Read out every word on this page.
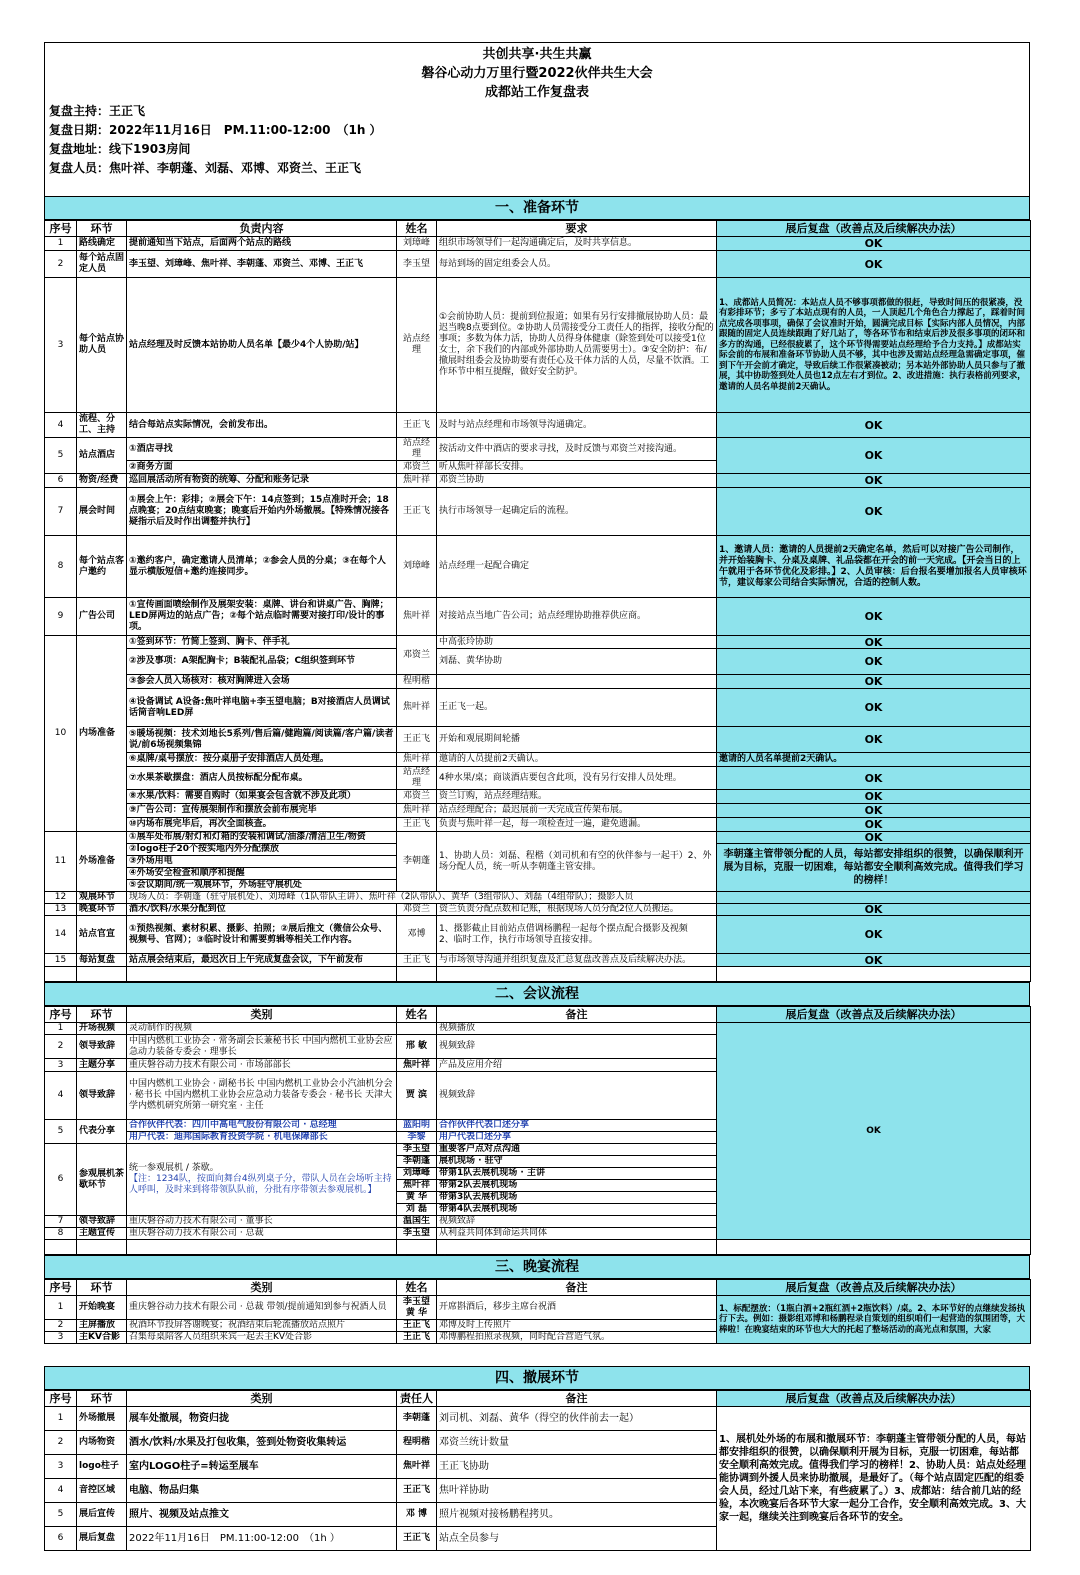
共创共享·共生共赢
磐谷心动力万里行暨2022伙伴共生大会
成都站工作复盘表
复盘主持：王正飞
复盘日期：2022年11月16日　PM.11:00-12:00　（1h ）
复盘地址：线下1903房间
复盘人员：焦叶祥、李朝蓬、刘磊、邓博、邓资兰、王正飞
一、准备环节
序号	环节	负责内容	姓名	要求	展后复盘（改善点及后续解决办法）
1	路线确定	提前通知当下站点，后面两个站点的路线	刘璋峰	组织市场领导们一起沟通确定后，及时共享信息。	OK
2	每个站点固定人员	李玉望、刘璋峰、焦叶祥、李朝蓬、邓资兰、邓博、王正飞	李玉望	每站到场的固定组委会人员。	OK
3	每个站点协助人员	站点经理及时反馈本站协助人员名单【最少4个人协助/站】	站点经理	①会前协助人员：提前到位报道；如果有另行安排撤展协助人员：最迟当晚8点要到位。②协助人员需接受分工责任人的指挥，接收分配的事项；多数为体力活，协助人员得身体健康（除签到处可以接受1位女士，余下我们的内部或外部协助人员需要男士）。③安全防护：布/撤展时组委会及协助要有责任心及干体力活的人员，尽量不饮酒。工作环节中相互提醒，做好安全防护。	1、成都站人员简况：本站点人员不够事项都做的很赶，导致时间压的很紧凑，没有彩排环节；多亏了本站点现有的人员，一人顶起几个角色合力撑起了，踩着时间点完成各项事项，确保了会议准时开始，圆满完成目标【实际内部人员情况，内部跟随的固定人员连续跟跑了好几站了，等各环节布和结束后涉及很多事项的闭环和多方的沟通，已经很疲累了，这个环节得需要站点经理给予合力支持。】成都站实际会前的布展和准备环节协助人员不够，其中也涉及需站点经理急需确定事项，催到下午开会前才确定，导致后续工作很紧凑被动；另本站外部协助人员只参与了撤展，其中协助签到处人员也12点左右才到位。2、改进措施：执行表格前列要求，邀请的人员名单提前2天确认。
4	流程、分工、主持	结合每站点实际情况，会前发布出。	王正飞	及时与站点经理和市场领导沟通确定。	OK
5	站点酒店	①酒店寻找	站点经理	按活动文件中酒店的要求寻找，及时反馈与邓资兰对接沟通。	OK
		②商务方面	邓资兰	听从焦叶祥部长安排。	
6	物资/经费	巡回展活动所有物资的统筹、分配和账务记录	焦叶祥	邓资兰协助	OK
7	展会时间	①展会上午：彩排；②展会下午：14点签到；15点准时开会；18点晚宴；20点结束晚宴；晚宴后开始内外场撤展。【特殊情况接各疑指示后及时作出调整并执行】	王正飞	执行市场领导一起确定后的流程。	OK
8	每个站点客户邀约	①邀约客户，确定邀请人员清单；②参会人员的分桌；③在每个人显示横版短信+邀约连接同步。	刘璋峰	站点经理一起配合确定	1、邀请人员：邀请的人员提前2天确定名单，然后可以对接广告公司制作，并开始装胸卡、分桌及桌牌、礼品袋都在开会的前一天完成。【开会当日的上午就用于各环节优化及彩排。】2、人员审核：后台报名要增加报名人员审核环节，建议每家公司结合实际情况，合适的控制人数。
9	广告公司	①宣传画面喷绘制作及展架安装：桌牌、讲台和讲桌广告、胸牌；LED屏两边的站点广告；②每个站点临时需要对接打印/设计的事项。	焦叶祥	对接站点当地广告公司；站点经理协助推荐供应商。	OK
10	内场准备	①签到环节：竹简上签到、胸卡、伴手礼	邓资兰	中高张玲协助	OK
		②涉及事项：A架配胸卡；B装配礼品袋；C组织签到环节		刘磊、黄华协助	OK
		③参会人员入场核对：核对胸牌进入会场	程明楷		OK
		④设备调试 A设备:焦叶祥电脑+李玉望电脑；B对接酒店人员调试话筒音响LED屏	焦叶祥	王正飞一起。	OK
		⑤暖场视频：技术刘地长5系列/售后篇/健跑篇/阅读篇/客户篇/读者说/前6场视频集锦	王正飞	开始和观展期间轮播	OK
		⑥桌牌/桌号摆放：按分桌册子安排酒店人员处理。	焦叶祥	邀请的人员提前2天确认。	邀请的人员名单提前2天确认。
		⑦水果茶歇摆盘：酒店人员按标配分配布桌。	站点经理	4种水果/桌；商谈酒店要包含此项，没有另行安排人员处理。	OK
		⑧水果/饮料：需要自购时（如果宴会包含就不涉及此项）	邓资兰	资兰订购，站点经理结账。	OK
		⑨广告公司：宣传展架制作和摆放会前布展完毕	焦叶祥	站点经理配合；最迟展前一天完成宣传架布展。	OK
		⑩内场布展完毕后，再次全面核查。	王正飞	负责与焦叶祥一起，每一项检查过一遍，避免遗漏。	OK
11	外场准备	①展车处布展/射灯和灯箱的安装和调试/油漆/清洁卫生/物资	李朝蓬	1、协助人员：刘磊、程楷（刘司机和有空的伙伴参与一起干）2、外场分配人员，统一听从李朝蓬主管安排。	OK
		②logo柱子20个按实地内外分配摆放			李朝蓬主管带领分配的人员，每站都安排组织的很赞，以确保顺利开展为目标，克服一切困难，每站都安全顺利高效完成。值得我们学习的榜样！
		③外场用电			
		④外场安全检查和顺序和提醒			
		⑤会议期间/统一观展环节，外场驻守展机处			
12	观展环节	现场人员：李朝蓬（驻守展机处）、刘璋峰（1队带队主讲）、焦叶祥（2队带队）、黄华（3组带队）、刘磊（4组带队）；摄影人员			
13	晚宴环节	酒水/饮料/水果分配到位	邓资兰	资兰负责分配点数和记账，根据现场人员分配2位人员搬运。	OK
14	站点官宣	①预热视频、素材积累、摄影、拍照；②展后推文（微信公众号、视频号、官网）；③临时设计和需要剪辑等相关工作内容。	邓博	1、摄影截止目前站点借调杨鹏程一起每个摆点配合摄影及视频　　　2、临时工作，执行市场领导直接安排。	OK
15	每站复盘	站点展会结束后，最迟次日上午完成复盘会议，下午前发布	王正飞	与市场领导沟通并组织复盘及汇总复盘改善点及后续解决办法。	OK

二、会议流程
序号	环节	类别	姓名	备注	展后复盘（改善点及后续解决办法）
1	开场视频	灵动制作的视频		视频播放	OK
2	领导致辞	中国内燃机工业协会 · 常务副会长兼秘书长 中国内燃机工业协会应急动力装备专委会 · 理事长	邢 敏	视频致辞	
3	主题分享	重庆磐谷动力技术有限公司 · 市场部部长	焦叶祥	产品及应用介绍	
4	领导致辞	中国内燃机工业协会 · 副秘书长 中国内燃机工业协会小汽油机分会 · 秘书长 中国内燃机工业协会应急动力装备专委会 · 秘书长 天津大学内燃机研究所第一研究室 · 主任	贾 滨	视频致辞	
5	代表分享	合作伙伴代表：四川中高电气股份有限公司 · 总经理	蓝阳明	合作伙伴代表口述分享	
		用户代表：迪邦国际教育投资学院 · 机电保障部长	李黎	用户代表口述分享	
6	参观展机茶歇环节	统一参观展机 / 茶歇。
【注：1234队，按面向舞台4纵列桌子分，带队人员在会场听主持人呼叫，及时来到将带领队队前，分批有序带领去参观展机。】	李玉望	重要客户点对点沟通	
			李朝蓬	展机现场 · 驻守	
			刘璋峰	带第1队去展机现场 · 主讲	
			焦叶祥	带第2队去展机现场	
			黄 华	带第3队去展机现场	
			刘 磊	带第4队去展机现场	
7	领导致辞	重庆磐谷动力技术有限公司 · 董事长	温国生	视频致辞	
8	主题宣传	重庆磐谷动力技术有限公司 · 总裁	李玉望	从利益共同体到命运共同体	

三、晚宴流程
序号	环节	类别	姓名	备注	展后复盘（改善点及后续解决办法）
1	开始晚宴	重庆磐谷动力技术有限公司 · 总裁 带领/提前通知到参与祝酒人员	李玉望 黄 华	开席斟酒后，移步主席台祝酒	1、标配摆放：（1瓶白酒+2瓶红酒+2瓶饮料）/桌。2、本环节好的点继续发扬执行下去。例如：摄影组邓博和杨鹏程录自策划的组织咱们一起营造的氛围团等，大棒啦！在晚宴结束的环节也大大的托起了整场活动的高光点和氛围，大家
2	主屏播放	祝酒环节投屏答谢晚宴；祝酒结束后轮流播放站点照片	王正飞	邓博及时上传照片	
3	主KV合影	召集每桌陪客人员组织来宾一起去主KV处合影	王正飞	邓博鹏程拍照录视频，同时配合营造气氛。	
四、撤展环节
序号	环节	类别	责任人	备注	展后复盘（改善点及后续解决办法）
1	外场撤展	展车处撤展，物资归拢	李朝蓬	刘司机、刘磊、黄华（得空的伙伴前去一起）	1、展机处外场的布展和撤展环节：李朝蓬主管带领分配的人员，每站都安排组织的很赞，以确保顺利开展为目标，克服一切困难，每站都安全顺利高效完成。值得我们学习的榜样！2、协助人员：站点处经理能协调到外援人员来协助撤展，是最好了。（每个站点固定匹配的组委会人员，经过几站下来，有些疲累了。）3、成都站：结合前几站的经验，本次晚宴后各环节大家一起分工合作，安全顺利高效完成。3、大家一起，继续关注到晚宴后各环节的安全。
2	内场物资	酒水/饮料/水果及打包收集，签到处物资收集转运	程明楷	邓资兰统计数量	
3	logo柱子	室内LOGO柱子=转运至展车	焦叶祥	王正飞协助	
4	音控区域	电脑、物品归集	王正飞	焦叶祥协助	
5	展后宣传	照片、视频及站点推文	邓 博	照片视频对接杨鹏程拷贝。	
6	展后复盘	2022年11月16日　PM.11:00-12:00　（1h ）	王正飞	站点全员参与	
